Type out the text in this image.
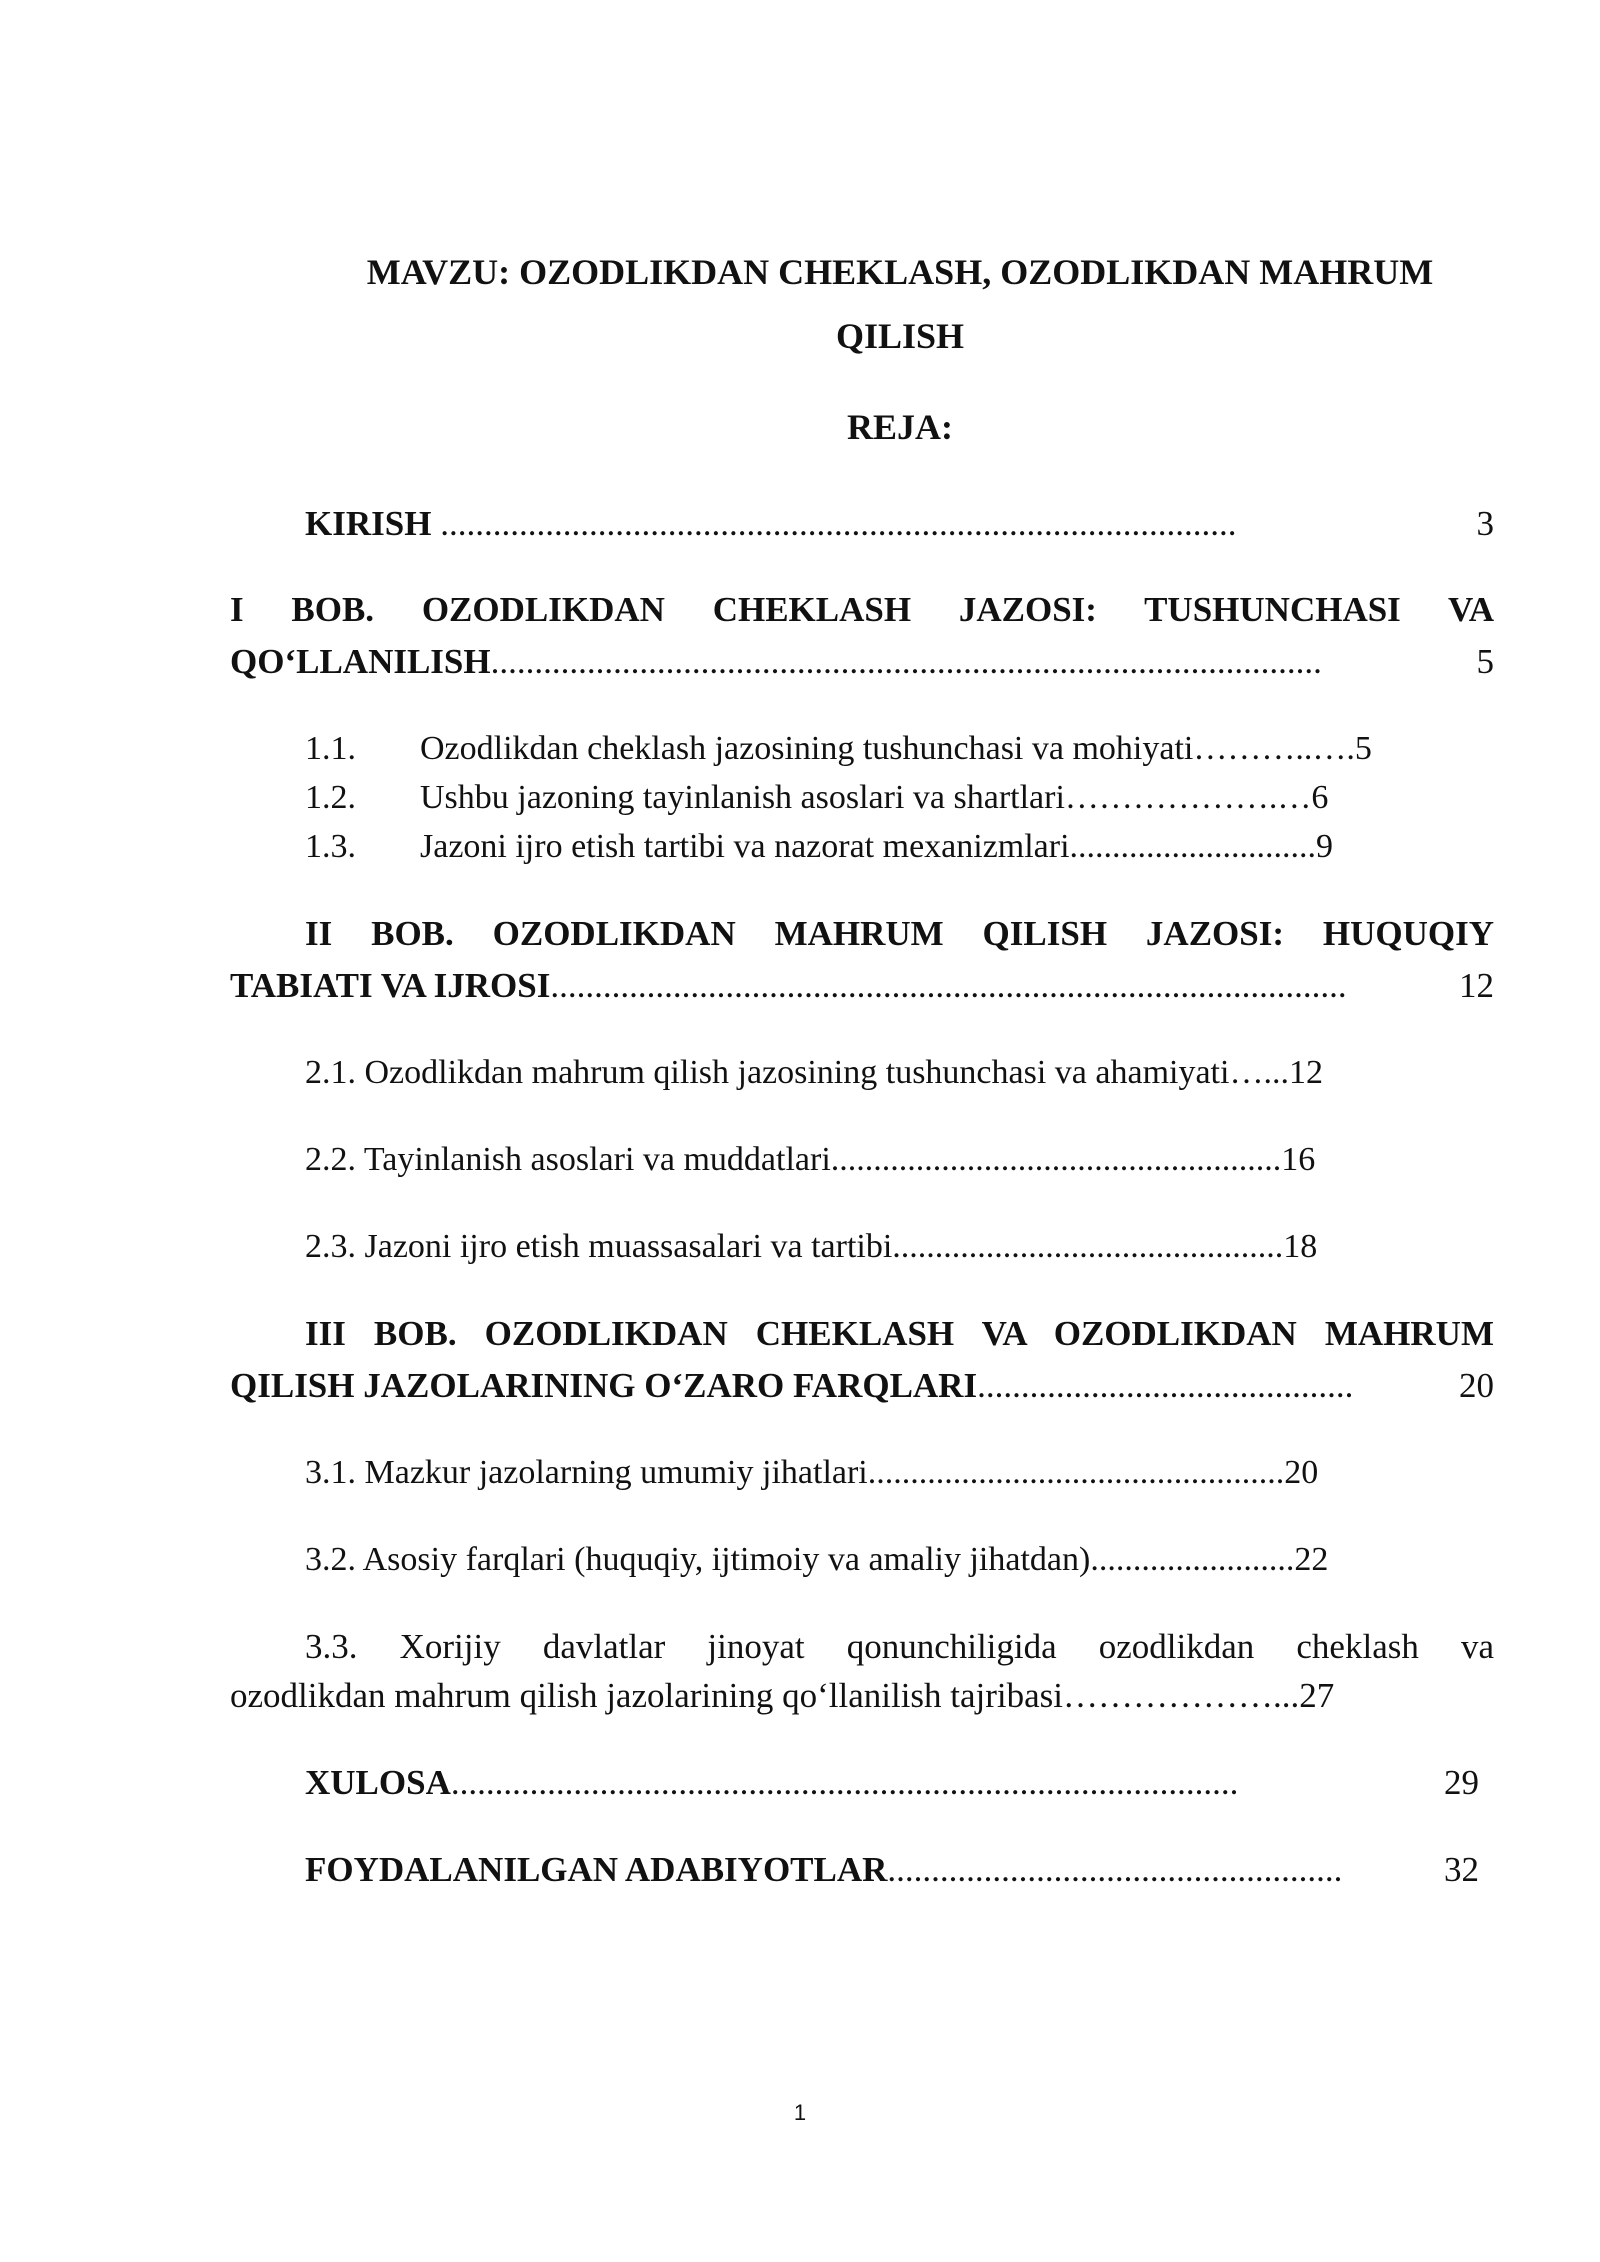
MAVZU: OZODLIKDAN CHEKLASH, OZODLIKDAN MAHRUM
QILISH
REJA:
KIRISH ...........................................................................................	3
I BOB. OZODLIKDAN CHEKLASH JAZOSI: TUSHUNCHASI VA
QO‘LLANILISH...............................................................................................	5
1.1. Ozodlikdan cheklash jazosining tushunchasi va mohiyati………..….5
1.2. Ushbu jazoning tayinlanish asoslari va shartlari……………….…6
1.3. Jazoni ijro etish tartibi va nazorat mexanizmlari.............................9
II BOB. OZODLIKDAN MAHRUM QILISH JAZOSI: HUQUQIY
TABIATI VA IJROSI...........................................................................................	12
2.1. Ozodlikdan mahrum qilish jazosining tushunchasi va ahamiyati…...12
2.2. Tayinlanish asoslari va muddatlari.....................................................16
2.3. Jazoni ijro etish muassasalari va tartibi..............................................18
III BOB. OZODLIKDAN CHEKLASH VA OZODLIKDAN MAHRUM
QILISH JAZOLARINING O‘ZARO FARQLARI...........................................	20
3.1. Mazkur jazolarning umumiy jihatlari.................................................20
3.2. Asosiy farqlari (huquqiy, ijtimoiy va amaliy jihatdan)........................22
3.3. Xorijiy davlatlar jinoyat qonunchiligida ozodlikdan cheklash va
ozodlikdan mahrum qilish jazolarining qo‘llanilish tajribasi………………...27
XULOSA..........................................................................................	29
FOYDALANILGAN ADABIYOTLAR....................................................	32
1
